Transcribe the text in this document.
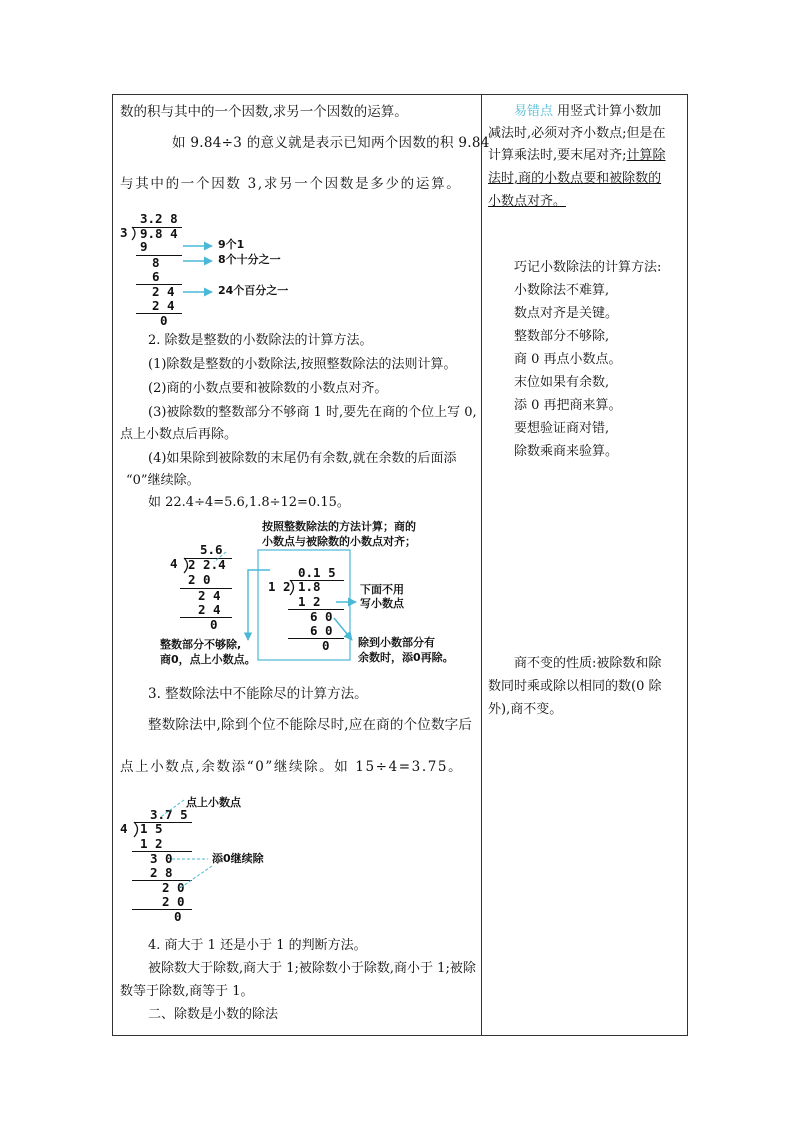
数的积与其中的一个因数,求另一个因数的运算。
如 9.84÷3 的意义就是表示已知两个因数的积 9.84
与其中的一个因数 3,求另一个因数是多少的运算。
3.2 8
3 9.8 4
9
8
6
2 4
2 4
0
9个1
8个十分之一
24个百分之一
2. 除数是整数的小数除法的计算方法。
(1)除数是整数的小数除法,按照整数除法的法则计算。
(2)商的小数点要和被除数的小数点对齐。
(3)被除数的整数部分不够商 1 时,要先在商的个位上写 0,
点上小数点后再除。
(4)如果除到被除数的末尾仍有余数,就在余数的后面添
“0”继续除。
如 22.4÷4=5.6,1.8÷12=0.15。
5.6
4 2 2.4
2 0
2 4
2 4
0
整数部分不够除,
商0，点上小数点。
按照整数除法的方法计算；商的
小数点与被除数的小数点对齐；
0.1 5
1 2 1.8
1 2
6 0
6 0
0
下面不用
写小数点
除到小数部分有
余数时，添0再除。
3. 整数除法中不能除尽的计算方法。
整数除法中,除到个位不能除尽时,应在商的个位数字后
点上小数点,余数添“0”继续除。如 15÷4=3.75。
点上小数点
3.7 5
4 1 5
1 2
3 0
2 8
2 0
2 0
0
添0继续除
4. 商大于 1 还是小于 1 的判断方法。
被除数大于除数,商大于 1;被除数小于除数,商小于 1;被除
数等于除数,商等于 1。
二、除数是小数的除法
易错点 用竖式计算小数加
减法时,必须对齐小数点;但是在
计算乘法时,要末尾对齐;计算除
法时,商的小数点要和被除数的
小数点对齐。
巧记小数除法的计算方法:
小数除法不难算,
数点对齐是关键。
整数部分不够除,
商 0 再点小数点。
末位如果有余数,
添 0 再把商来算。
要想验证商对错,
除数乘商来验算。
商不变的性质:被除数和除
数同时乘或除以相同的数(0 除
外),商不变。
